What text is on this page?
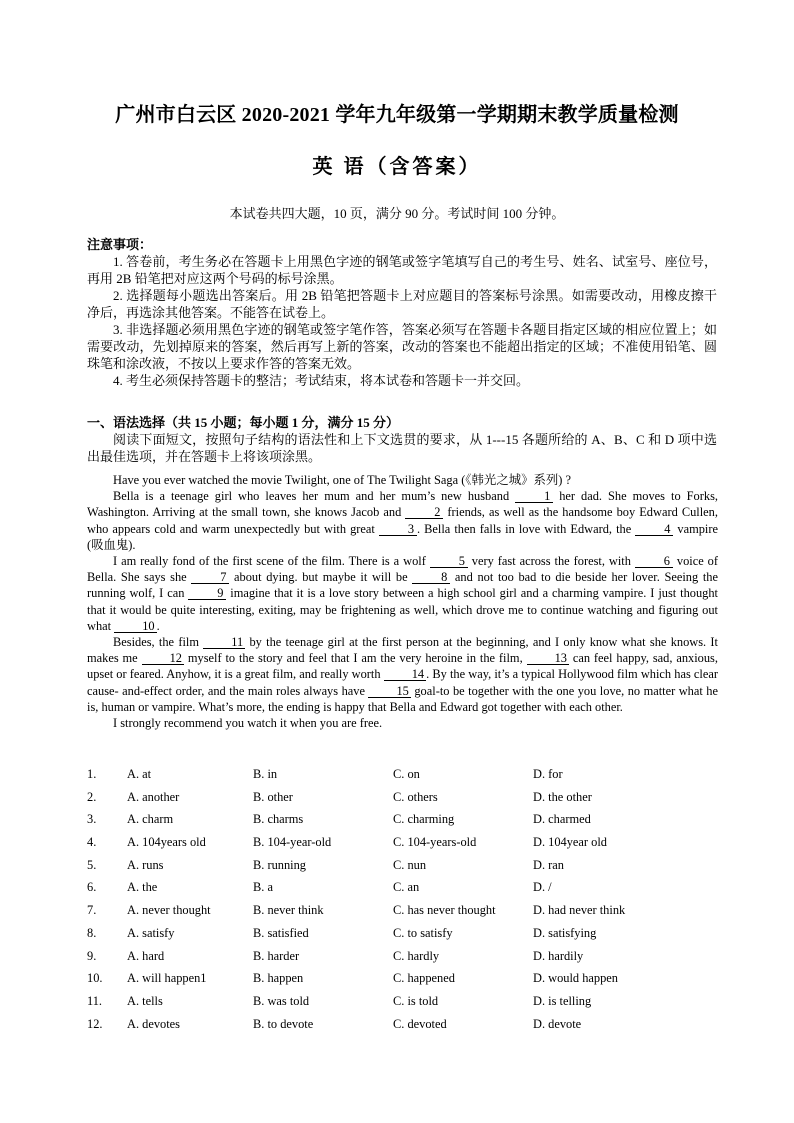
广州市白云区 2020-2021 学年九年级第一学期期末教学质量检测
英 语（含答案）
本试卷共四大题，10 页，满分 90 分。考试时间 100 分钟。

注意事项：

1. 答卷前，考生务必在答题卡上用黑色字迹的钢笔或签字笔填写自己的考生号、姓名、试室号、座位号，再用 2B 铅笔把对应这两个号码的标号涂黑。

2. 选择题每小题选出答案后。用 2B 铅笔把答题卡上对应题目的答案标号涂黑。如需要改动，用橡皮擦干净后，再选涂其他答案。不能答在试卷上。

3. 非选择题必须用黑色字迹的钢笔或签字笔作答，答案必须写在答题卡各题目指定区域的相应位置上；如需要改动，先划掉原来的答案，然后再写上新的答案，改动的答案也不能超出指定的区域；不准使用铅笔、圆珠笔和涂改液，不按以上要求作答的答案无效。

4. 考生必须保持答题卡的整洁；考试结束，将本试卷和答题卡一并交回。

一、语法选择（共 15 小题；每小题 1 分，满分 15 分）

阅读下面短文，按照句子结构的语法性和上下文选贯的要求，从 1---15 各题所给的 A、B、C 和 D 项中选出最佳选项，并在答题卡上将该项涂黑。

Have you ever watched the movie Twilight, one of The Twilight Saga (《韩光之城》系列) ?

Bella is a teenage girl who leaves her mum and her mum’s new husband	1 her dad. She moves to Forks, Washington. Arriving at the small town, she knows Jacob and	2 friends, as well as the handsome boy Edward Cullen, who appears cold and warm unexpectedly but with great	3 . Bella then falls in love with Edward, the	4 vampire (吸血鬼).

I am really fond of the first scene of the film. There is a wolf	5 very fast across the forest, with	6 voice of Bella. She says she	7 about dying. but maybe it will be	8 and not too bad to die beside her lover. Seeing the running wolf, I can	9 imagine that it is a love story between a high school girl and a charming vampire. I just thought that it would be quite interesting, exiting, may be frightening as well, which drove me to continue watching and figuring out what	10 .

Besides, the film	11 by the teenage girl at the first person at the beginning, and I only know what she knows. It makes me	12 myself to the story and feel that I am the very heroine in the film,	13 can feel happy, sad, anxious, upset or feared. Anyhow, it is a great film, and really worth	14 . By the way, it’s a typical Hollywood film which has clear cause- and-effect order, and the main roles always have	15 goal-to be together with the one you love, no matter what he is, human or vampire. What’s more, the ending is happy that Bella and Edward got together with each other.

I strongly recommend you watch it when you are free.

1. A. at	B. in	C. on	D. for
2. A. another	B. other	C. others	D. the other
3. A. charm	B. charms	C. charming	D. charmed
4. A. 104years old	B. 104-year-old	C. 104-years-old	D. 104year old
5. A. runs	B. running	C. nun	D. ran
6. A. the	B. a	C. an	D. /
7. A. never thought	B. never think	C. has never thought	D. had never think
8. A. satisfy	B. satisfied	C. to satisfy	D. satisfying
9. A. hard	B. harder	C. hardly	D. hardily
10. A. will happen1	B. happen	C. happened	D. would happen
11. A. tells	B. was told	C. is told	D. is telling
12. A. devotes	B. to devote	C. devoted	D. devote
